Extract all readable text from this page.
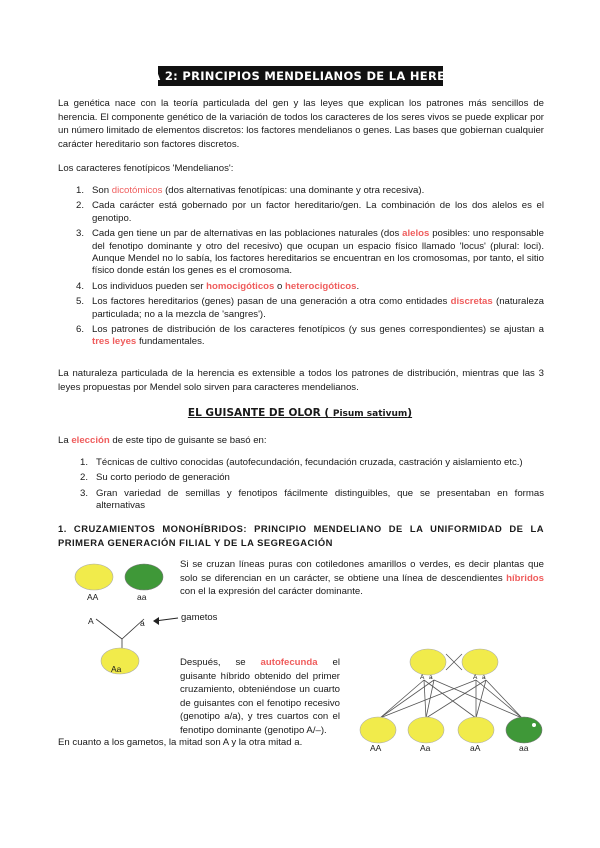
TEMA 2: PRINCIPIOS MENDELIANOS DE LA HERENCIA

La genética nace con la teoría particulada del gen y las leyes que explican los patrones más sencillos de herencia. El componente genético de la variación de todos los caracteres de los seres vivos se puede explicar por un número limitado de elementos discretos: los factores mendelianos o genes. Las bases que gobiernan cualquier carácter hereditario son factores discretos.

Los caracteres fenotípicos 'Mendelianos':

1. Son dicotómicos (dos alternativas fenotípicas: una dominante y otra recesiva).
2. Cada carácter está gobernado por un factor hereditario/gen. La combinación de los dos alelos es el genotipo.
3. Cada gen tiene un par de alternativas en las poblaciones naturales (dos alelos posibles: uno responsable del fenotipo dominante y otro del recesivo) que ocupan un espacio físico llamado 'locus' (plural: loci). Aunque Mendel no lo sabía, los factores hereditarios se encuentran en los cromosomas, por tanto, el sitio físico donde están los genes es el cromosoma.
4. Los individuos pueden ser homocigóticos o heterocigóticos.
5. Los factores hereditarios (genes) pasan de una generación a otra como entidades discretas (naturaleza particulada; no a la mezcla de 'sangres').
6. Los patrones de distribución de los caracteres fenotípicos (y sus genes correspondientes) se ajustan a tres leyes fundamentales.

La naturaleza particulada de la herencia es extensible a todos los patrones de distribución, mientras que las 3 leyes propuestas por Mendel solo sirven para caracteres mendelianos.

EL GUISANTE DE OLOR ( Pisum sativum)

La elección de este tipo de guisante se basó en:

1. Técnicas de cultivo conocidas (autofecundación, fecundación cruzada, castración y aislamiento etc.)
2. Su corto periodo de generación
3. Gran variedad de semillas y fenotipos fácilmente distinguibles, que se presentaban en formas alternativas
1. CRUZAMIENTOS MONOHÍBRIDOS: PRINCIPIO MENDELIANO DE LA UNIFORMIDAD DE LA PRIMERA GENERACIÓN FILIAL Y DE LA SEGREGACIÓN

Si se cruzan líneas puras con cotiledones amarillos o verdes, es decir plantas que solo se diferencian en un carácter, se obtiene una línea de descendientes híbridos con el la expresión del carácter dominante.

AA	aa
A	a
Aa
gametos

Después, se autofecunda el guisante híbrido obtenido del primer cruzamiento, obteniéndose un cuarto de guisantes con el fenotipo recesivo (genotipo a/a), y tres cuartos con el fenotipo dominante (genotipo A/–).

En cuanto a los gametos, la mitad son A y la otra mitad a.

A a	A a
AA	Aa	aA	aa
